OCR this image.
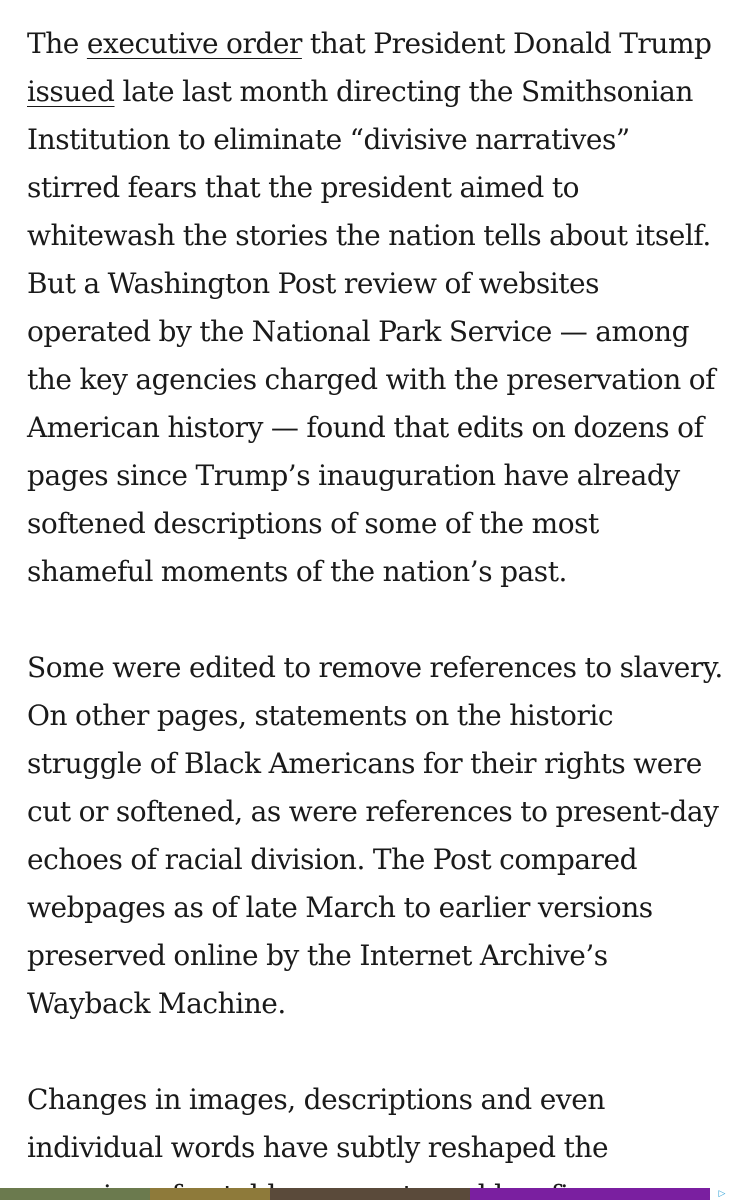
The executive order that President Donald Trump
issued late last month directing the Smithsonian
Institution to eliminate “divisive narratives”
stirred fears that the president aimed to
whitewash the stories the nation tells about itself.
But a Washington Post review of websites
operated by the National Park Service — among
the key agencies charged with the preservation of
American history — found that edits on dozens of
pages since Trump’s inauguration have already
softened descriptions of some of the most
shameful moments of the nation’s past.

Some were edited to remove references to slavery.
On other pages, statements on the historic
struggle of Black Americans for their rights were
cut or softened, as were references to present-day
echoes of racial division. The Post compared
webpages as of late March to earlier versions
preserved online by the Internet Archive’s
Wayback Machine.

Changes in images, descriptions and even
individual words have subtly reshaped the

▷
